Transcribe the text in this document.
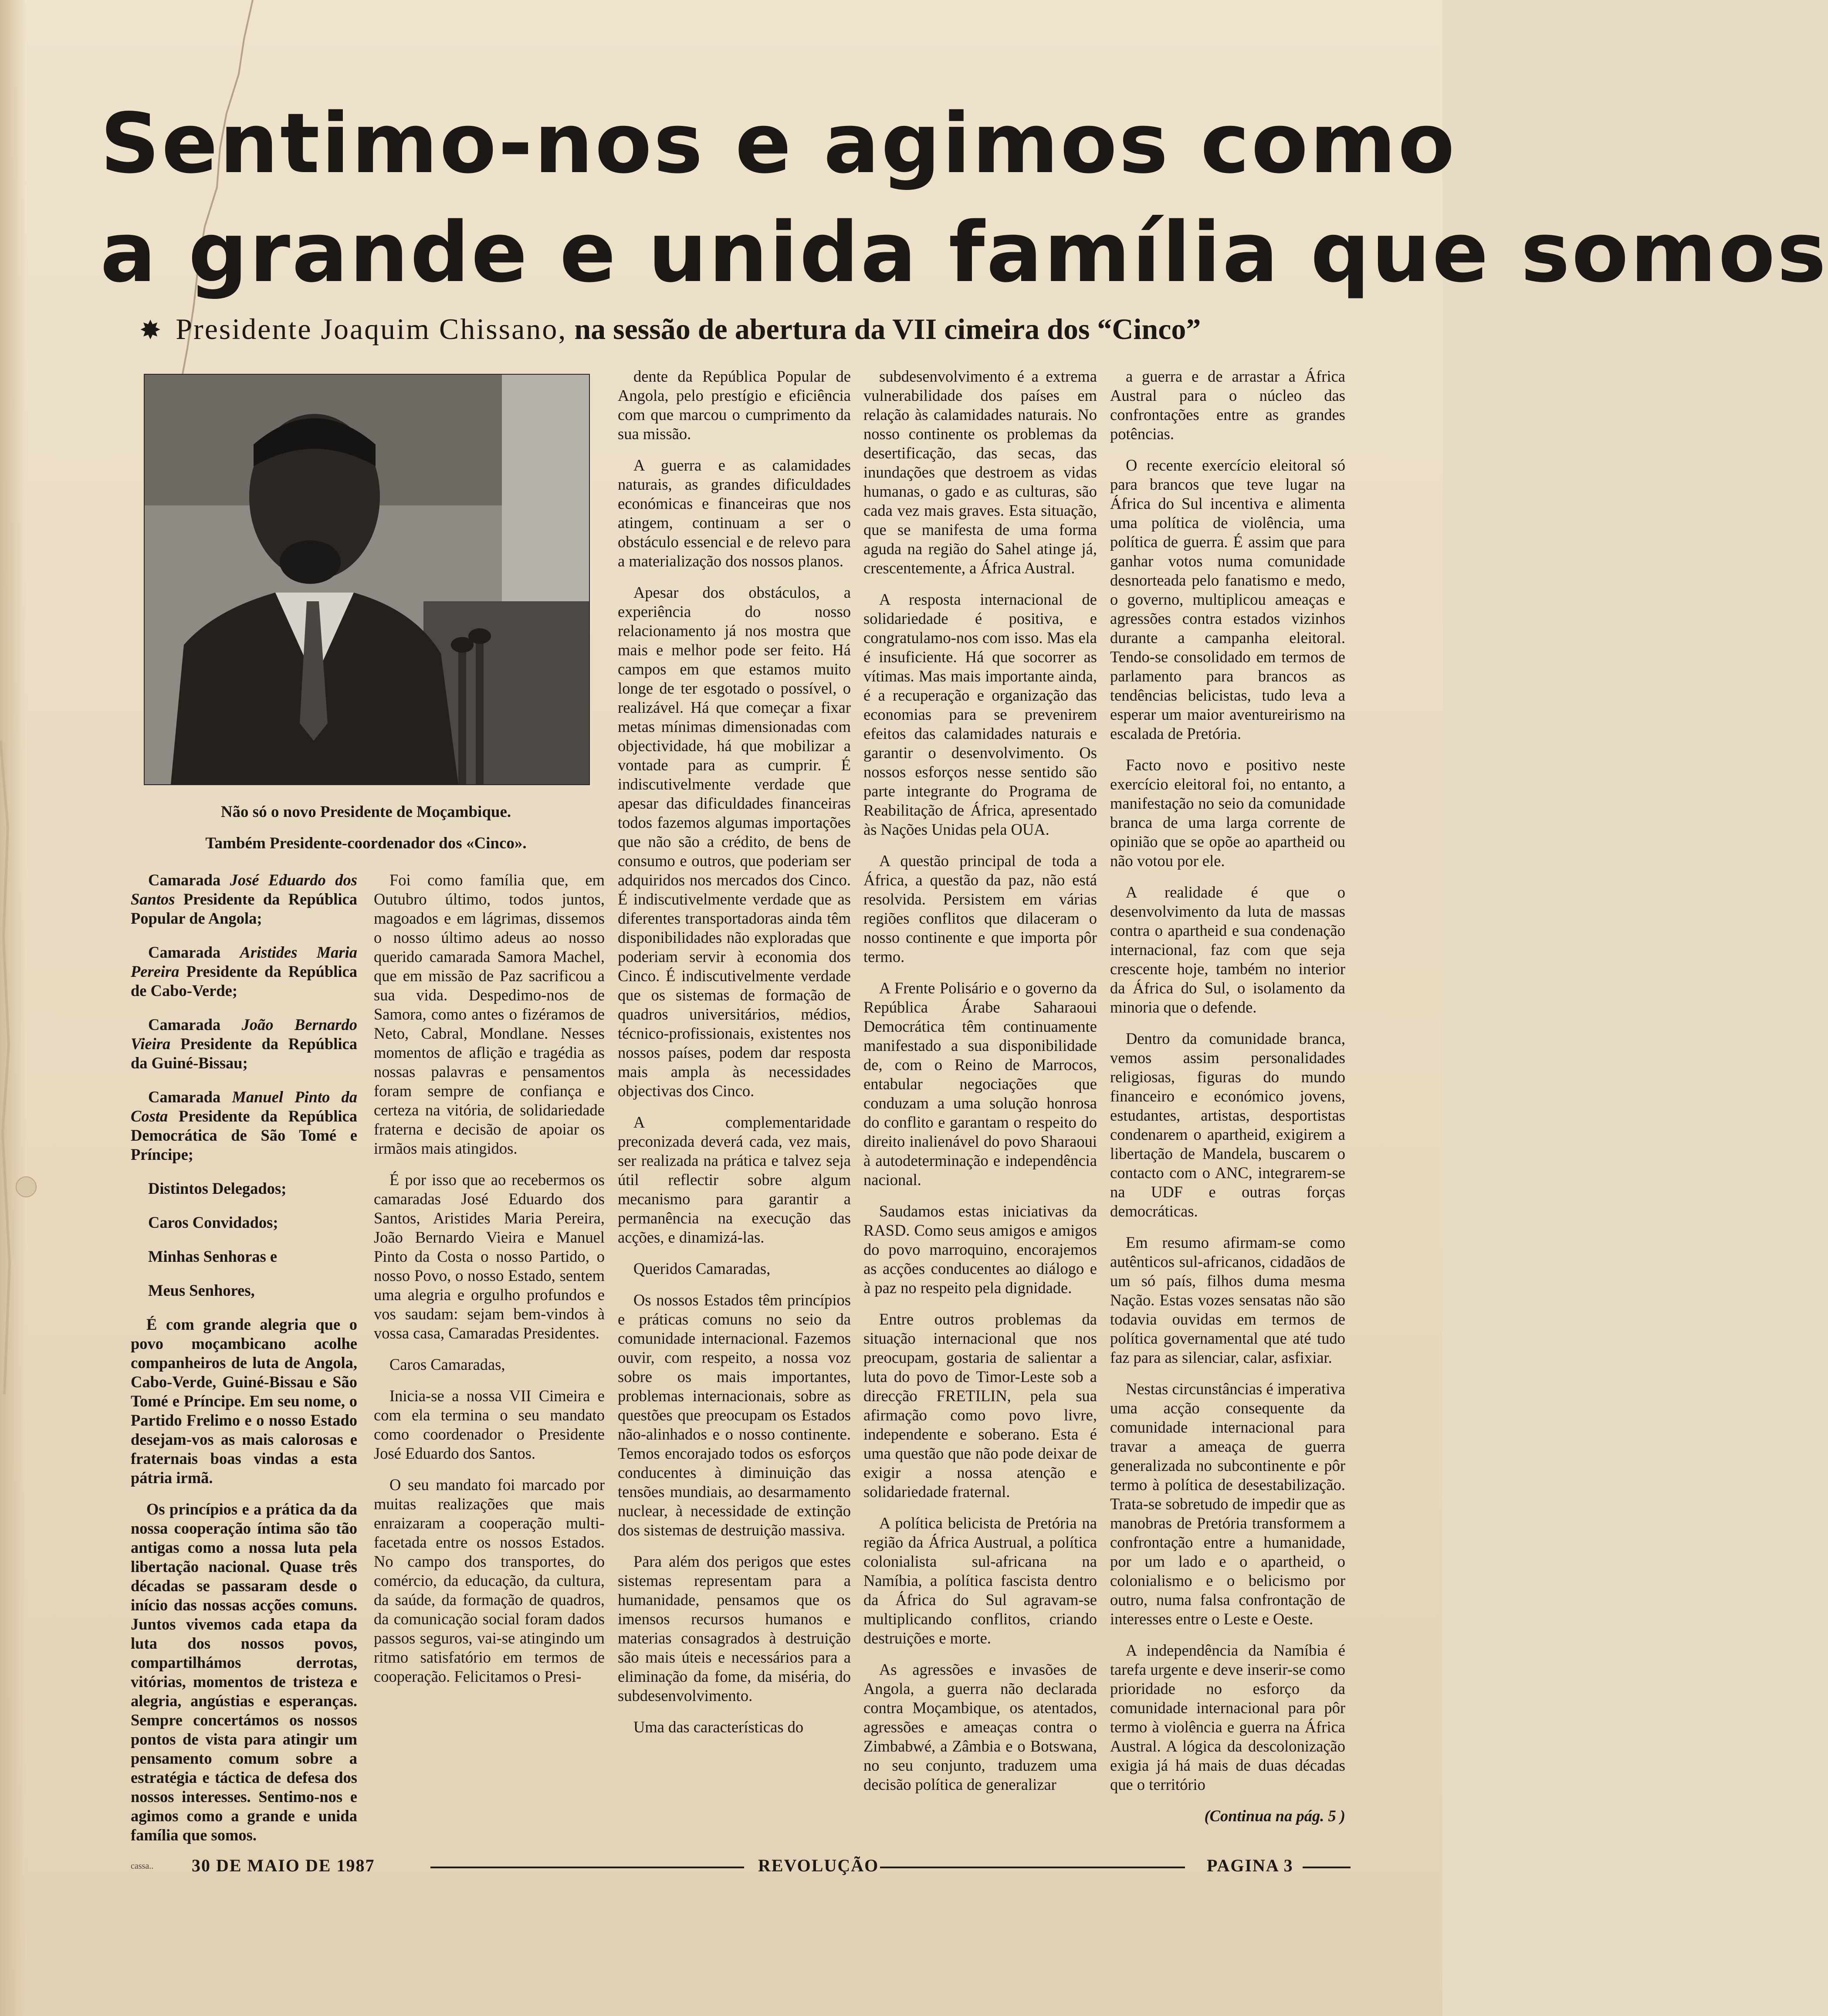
Sentimo-nos e agimos como
a grande e unida família que somos

✸ Presidente Joaquim Chissano, na sessão de abertura da VII cimeira dos “Cinco”

Não só o novo Presidente de Moçambique.

Também Presidente-coordenador dos «Cinco».

Camarada José Eduardo dos Santos Presidente da República Popular de Angola;

Camarada Aristides Maria Pereira Presidente da República de Cabo-Verde;

Camarada João Bernardo Vieira Presidente da República da Guiné-Bissau;

Camarada Manuel Pinto da Costa Presidente da República Democrática de São Tomé e Príncipe;

Distintos Delegados;

Caros Convidados;

Minhas Senhoras e

Meus Senhores,

É com grande alegria que o povo moçambicano acolhe companheiros de luta de Angola, Cabo-Verde, Guiné-Bissau e São Tomé e Príncipe. Em seu nome, o Partido Frelimo e o nosso Estado desejam-vos as mais calorosas e fraternais boas vindas a esta pátria irmã.

Os princípios e a prática da da nossa cooperação íntima são tão antigas como a nossa luta pela libertação nacional. Quase três décadas se passaram desde o início das nossas acções comuns. Juntos vivemos cada etapa da luta dos nossos povos, compartilhámos derrotas, vitórias, momentos de tristeza e alegria, angústias e esperanças. Sempre concertámos os nossos pontos de vista para atingir um pensamento comum sobre a estratégia e táctica de defesa dos nossos interesses. Sentimo-nos e agimos como a grande e unida família que somos.

Foi como família que, em Outubro último, todos juntos, magoados e em lágrimas, dissemos o nosso último adeus ao nosso querido camarada Samora Machel, que em missão de Paz sacrificou a sua vida. Despedimo-nos de Samora, como antes o fizéramos de Neto, Cabral, Mondlane. Nesses momentos de aflição e tragédia as nossas palavras e pensamentos foram sempre de confiança e certeza na vitória, de solidariedade fraterna e decisão de apoiar os irmãos mais atingidos.

É por isso que ao recebermos os camaradas José Eduardo dos Santos, Aristides Maria Pereira, João Bernardo Vieira e Manuel Pinto da Costa o nosso Partido, o nosso Povo, o nosso Estado, sentem uma alegria e orgulho profundos e vos saudam: sejam bem-vindos à vossa casa, Camaradas Presidentes.

Caros Camaradas,

Inicia-se a nossa VII Cimeira e com ela termina o seu mandato como coordenador o Presidente José Eduardo dos Santos.

O seu mandato foi marcado por muitas realizações que mais enraizaram a cooperação multi-facetada entre os nossos Estados. No campo dos transportes, do comércio, da educação, da cultura, da saúde, da formação de quadros, da comunicação social foram dados passos seguros, vai-se atingindo um ritmo satisfatório em termos de cooperação. Felicitamos o Presi-

dente da República Popular de Angola, pelo prestígio e eficiência com que marcou o cumprimento da sua missão.

A guerra e as calamidades naturais, as grandes dificuldades económicas e financeiras que nos atingem, continuam a ser o obstáculo essencial e de relevo para a materialização dos nossos planos.

Apesar dos obstáculos, a experiência do nosso relacionamento já nos mostra que mais e melhor pode ser feito. Há campos em que estamos muito longe de ter esgotado o possível, o realizável. Há que começar a fixar metas mínimas dimensionadas com objectividade, há que mobilizar a vontade para as cumprir. É indiscutivelmente verdade que apesar das dificuldades financeiras todos fazemos algumas importações que não são a crédito, de bens de consumo e outros, que poderiam ser adquiridos nos mercados dos Cinco. É indiscutivelmente verdade que as diferentes transportadoras ainda têm disponibilidades não exploradas que poderiam servir à economia dos Cinco. É indiscutivelmente verdade que os sistemas de formação de quadros universitários, médios, técnico-profissionais, existentes nos nossos países, podem dar resposta mais ampla às necessidades objectivas dos Cinco.

A complementaridade preconizada deverá cada, vez mais, ser realizada na prática e talvez seja útil reflectir sobre algum mecanismo para garantir a permanência na execução das acções, e dinamizá-las.

Queridos Camaradas,

Os nossos Estados têm princípios e práticas comuns no seio da comunidade internacional. Fazemos ouvir, com respeito, a nossa voz sobre os mais importantes, problemas internacionais, sobre as questões que preocupam os Estados não-alinhados e o nosso continente. Temos encorajado todos os esforços conducentes à diminuição das tensões mundiais, ao desarmamento nuclear, à necessidade de extinção dos sistemas de destruição massiva.

Para além dos perigos que estes sistemas representam para a humanidade, pensamos que os imensos recursos humanos e materias consagrados à destruição são mais úteis e necessários para a eliminação da fome, da miséria, do subdesenvolvimento.

Uma das características do

subdesenvolvimento é a extrema vulnerabilidade dos países em relação às calamidades naturais. No nosso continente os problemas da desertificação, das secas, das inundações que destroem as vidas humanas, o gado e as culturas, são cada vez mais graves. Esta situação, que se manifesta de uma forma aguda na região do Sahel atinge já, crescentemente, a África Austral.

A resposta internacional de solidariedade é positiva, e congratulamo-nos com isso. Mas ela é insuficiente. Há que socorrer as vítimas. Mas mais importante ainda, é a recuperação e organização das economias para se prevenirem efeitos das calamidades naturais e garantir o desenvolvimento. Os nossos esforços nesse sentido são parte integrante do Programa de Reabilitação de África, apresentado às Nações Unidas pela OUA.

A questão principal de toda a África, a questão da paz, não está resolvida. Persistem em várias regiões conflitos que dilaceram o nosso continente e que importa pôr termo.

A Frente Polisário e o governo da República Árabe Saharaoui Democrática têm continuamente manifestado a sua disponibilidade de, com o Reino de Marrocos, entabular negociações que conduzam a uma solução honrosa do conflito e garantam o respeito do direito inalienável do povo Sharaoui à autodeterminação e independência nacional.

Saudamos estas iniciativas da RASD. Como seus amigos e amigos do povo marroquino, encorajemos as acções conducentes ao diálogo e à paz no respeito pela dignidade.

Entre outros problemas da situação internacional que nos preocupam, gostaria de salientar a luta do povo de Timor-Leste sob a direcção FRETILIN, pela sua afirmação como povo livre, independente e soberano. Esta é uma questão que não pode deixar de exigir a nossa atenção e solidariedade fraternal.

A política belicista de Pretória na região da África Austrual, a política colonialista sul-africana na Namíbia, a política fascista dentro da África do Sul agravam-se multiplicando conflitos, criando destruições e morte.

As agressões e invasões de Angola, a guerra não declarada contra Moçambique, os atentados, agressões e ameaças contra o Zimbabwé, a Zâmbia e o Botswana, no seu conjunto, traduzem uma decisão política de generalizar

a guerra e de arrastar a África Austral para o núcleo das confrontações entre as grandes potências.

O recente exercício eleitoral só para brancos que teve lugar na África do Sul incentiva e alimenta uma política de violência, uma política de guerra. É assim que para ganhar votos numa comunidade desnorteada pelo fanatismo e medo, o governo, multiplicou ameaças e agressões contra estados vizinhos durante a campanha eleitoral. Tendo-se consolidado em termos de parlamento para brancos as tendências belicistas, tudo leva a esperar um maior aventureirismo na escalada de Pretória.

Facto novo e positivo neste exercício eleitoral foi, no entanto, a manifestação no seio da comunidade branca de uma larga corrente de opinião que se opõe ao apartheid ou não votou por ele.

A realidade é que o desenvolvimento da luta de massas contra o apartheid e sua condenação internacional, faz com que seja crescente hoje, também no interior da África do Sul, o isolamento da minoria que o defende.

Dentro da comunidade branca, vemos assim personalidades religiosas, figuras do mundo financeiro e económico jovens, estudantes, artistas, desportistas condenarem o apartheid, exigirem a libertação de Mandela, buscarem o contacto com o ANC, integrarem-se na UDF e outras forças democráticas.

Em resumo afirmam-se como autênticos sul-africanos, cidadãos de um só país, filhos duma mesma Nação. Estas vozes sensatas não são todavia ouvidas em termos de política governamental que até tudo faz para as silenciar, calar, asfixiar.

Nestas circunstâncias é imperativa uma acção consequente da comunidade internacional para travar a ameaça de guerra generalizada no subcontinente e pôr termo à política de desestabilização. Trata-se sobretudo de impedir que as manobras de Pretória transformem a confrontação entre a humanidade, por um lado e o apartheid, o colonialismo e o belicismo por outro, numa falsa confrontação de interesses entre o Leste e Oeste.

A independência da Namíbia é tarefa urgente e deve inserir-se como prioridade no esforço da comunidade internacional para pôr termo à violência e guerra na África Austral. A lógica da descolonização exigia já há mais de duas décadas que o território

(Continua na pág. 5 )

cassa.. 30 DE MAIO DE 1987	REVOLUÇÃO	PAGINA 3
